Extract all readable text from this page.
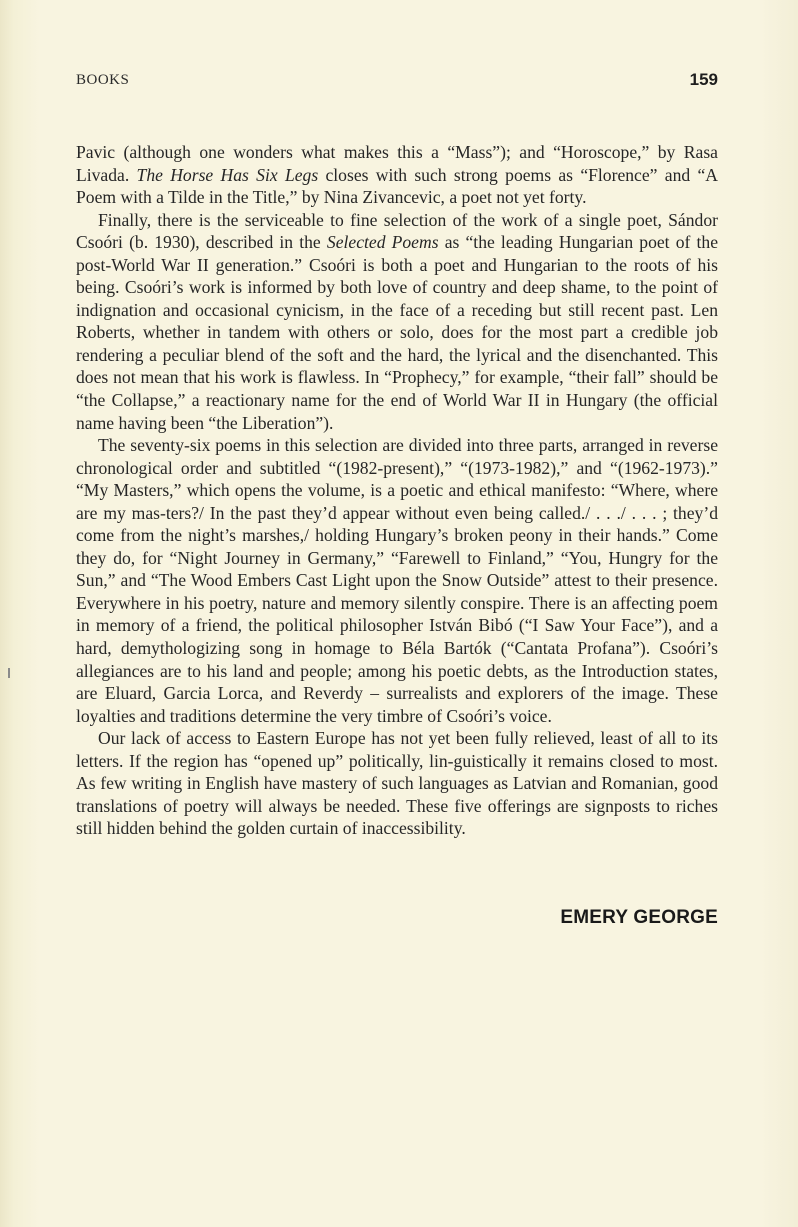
BOOKS	159

Pavic (although one wonders what makes this a “Mass”); and “Horoscope,” by Rasa Livada. The Horse Has Six Legs closes with such strong poems as “Florence” and “A Poem with a Tilde in the Title,” by Nina Zivancevic, a poet not yet forty.

Finally, there is the serviceable to fine selection of the work of a single poet, Sándor Csoóri (b. 1930), described in the Selected Poems as “the leading Hungarian poet of the post-World War II generation.” Csoóri is both a poet and Hungarian to the roots of his being. Csoóri’s work is informed by both love of country and deep shame, to the point of indignation and occasional cynicism, in the face of a receding but still recent past. Len Roberts, whether in tandem with others or solo, does for the most part a credible job rendering a peculiar blend of the soft and the hard, the lyrical and the disenchanted. This does not mean that his work is flawless. In “Prophecy,” for example, “their fall” should be “the Collapse,” a reactionary name for the end of World War II in Hungary (the official name having been “the Liberation”).

The seventy-six poems in this selection are divided into three parts, arranged in reverse chronological order and subtitled “(1982-present),” “(1973-1982),” and “(1962-1973).” “My Masters,” which opens the volume, is a poetic and ethical manifesto: “Where, where are my mas-ters?/ In the past they’d appear without even being called./ . . ./ . . . ; they’d come from the night’s marshes,/ holding Hungary’s broken peony in their hands.” Come they do, for “Night Journey in Germany,” “Farewell to Finland,” “You, Hungry for the Sun,” and “The Wood Embers Cast Light upon the Snow Outside” attest to their presence. Everywhere in his poetry, nature and memory silently conspire. There is an affecting poem in memory of a friend, the political philosopher István Bibó (“I Saw Your Face”), and a hard, demythologizing song in homage to Béla Bartók (“Cantata Profana”). Csoóri’s allegiances are to his land and people; among his poetic debts, as the Introduction states, are Eluard, Garcia Lorca, and Reverdy – surrealists and explorers of the image. These loyalties and traditions determine the very timbre of Csoóri’s voice.

Our lack of access to Eastern Europe has not yet been fully relieved, least of all to its letters. If the region has “opened up” politically, lin-guistically it remains closed to most. As few writing in English have mastery of such languages as Latvian and Romanian, good translations of poetry will always be needed. These five offerings are signposts to riches still hidden behind the golden curtain of inaccessibility.

EMERY GEORGE
